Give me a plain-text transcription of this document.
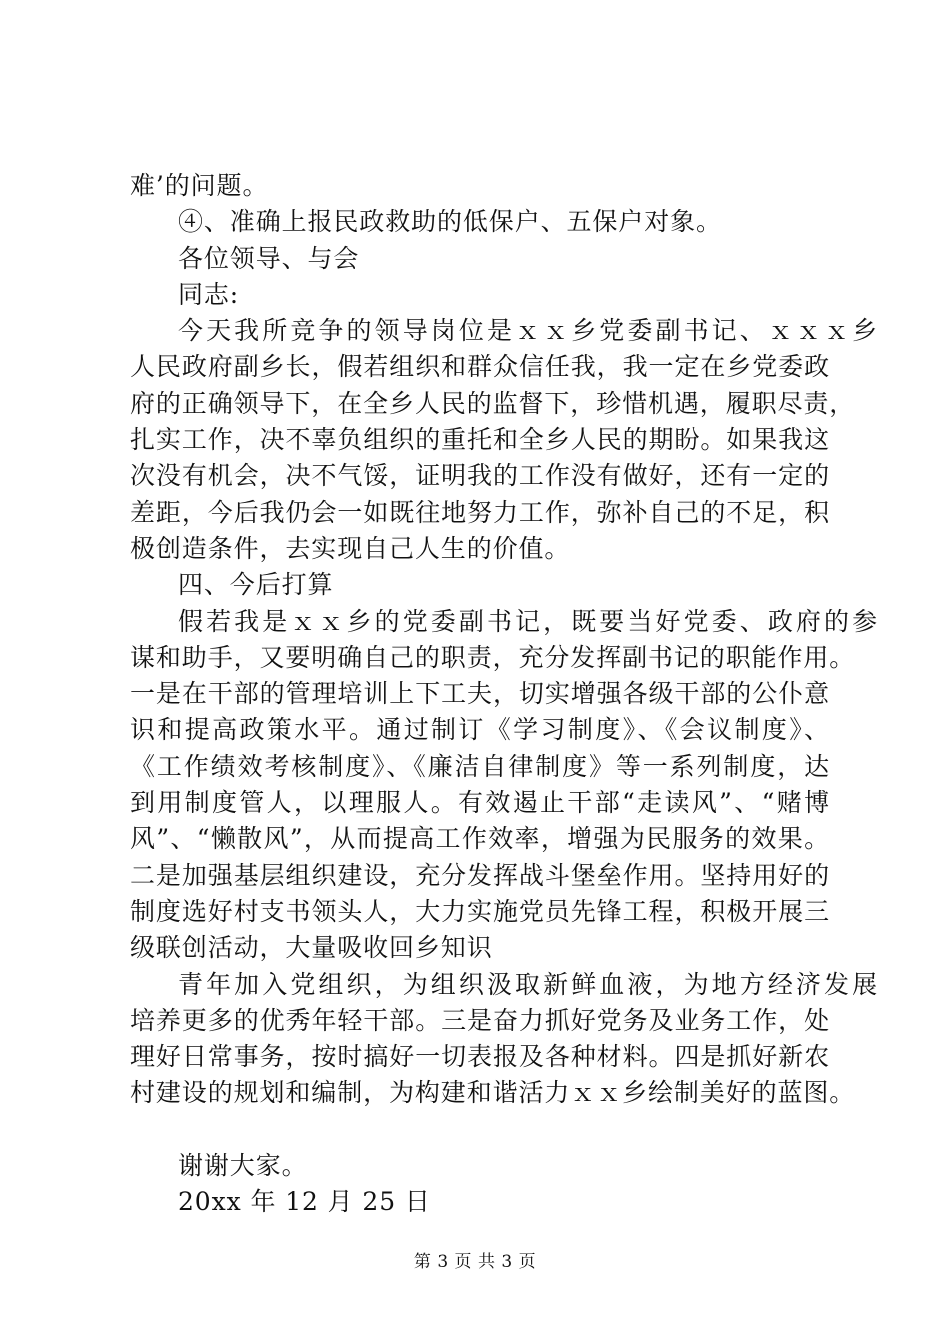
难’的问题。
④、准确上报民政救助的低保户、五保户对象。
各位领导、与会
同志:
今天我所竞争的领导岗位是ｘｘ乡党委副书记、ｘｘｘ乡
人民政府副乡长，假若组织和群众信任我，我一定在乡党委政
府的正确领导下，在全乡人民的监督下，珍惜机遇，履职尽责，
扎实工作，决不辜负组织的重托和全乡人民的期盼。如果我这
次没有机会，决不气馁，证明我的工作没有做好，还有一定的
差距，今后我仍会一如既往地努力工作，弥补自己的不足，积
极创造条件，去实现自己人生的价值。
四、今后打算
假若我是ｘｘ乡的党委副书记，既要当好党委、政府的参
谋和助手，又要明确自己的职责，充分发挥副书记的职能作用。
一是在干部的管理培训上下工夫，切实增强各级干部的公仆意
识和提高政策水平。通过制订《学习制度》、《会议制度》、
《工作绩效考核制度》、《廉洁自律制度》等一系列制度，达
到用制度管人，以理服人。有效遏止干部“走读风”、“赌博
风”、“懒散风”，从而提高工作效率，增强为民服务的效果。
二是加强基层组织建设，充分发挥战斗堡垒作用。坚持用好的
制度选好村支书领头人，大力实施党员先锋工程，积极开展三
级联创活动，大量吸收回乡知识
青年加入党组织，为组织汲取新鲜血液，为地方经济发展
培养更多的优秀年轻干部。三是奋力抓好党务及业务工作，处
理好日常事务，按时搞好一切表报及各种材料。四是抓好新农
村建设的规划和编制，为构建和谐活力ｘｘ乡绘制美好的蓝图。
谢谢大家。
20xx 年 12 月 25 日
第 3 页 共 3 页
